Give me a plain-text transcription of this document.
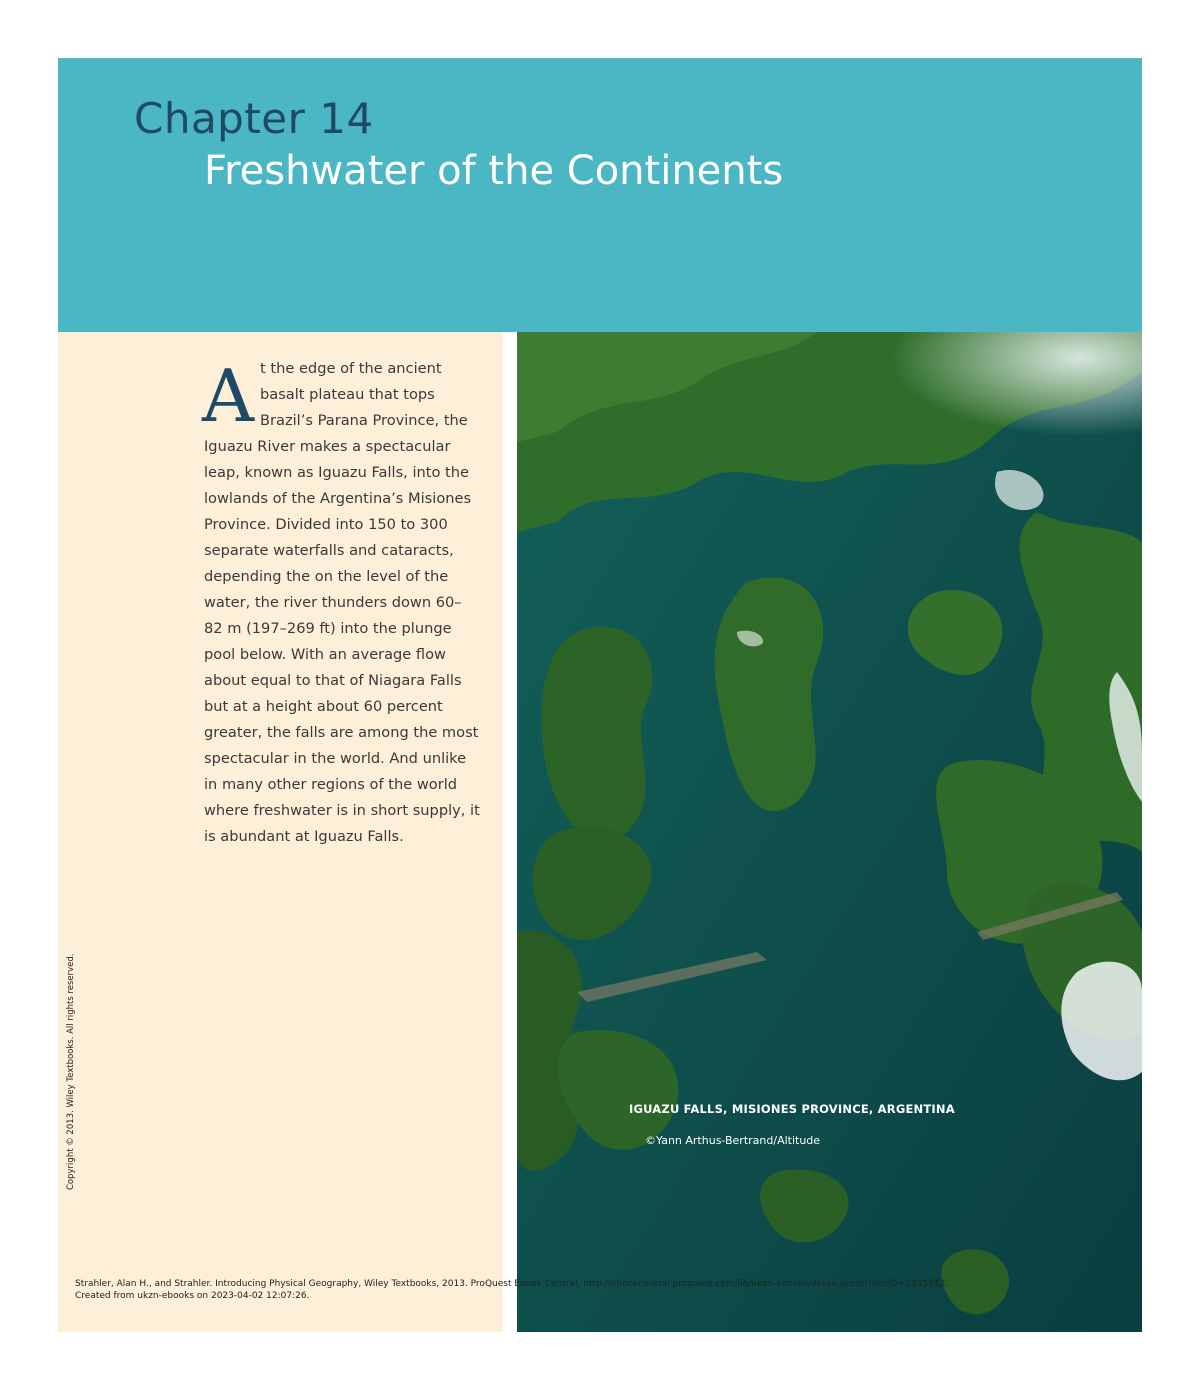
Chapter 14
Freshwater of the Continents
At the edge of the ancient basalt plateau that tops Brazil’s Parana Province, the Iguazu River makes a spectacular leap, known as Iguazu Falls, into the lowlands of the Argentina’s Misiones Province. Divided into 150 to 300 separate waterfalls and cataracts, depending the on the level of the water, the river thunders down 60–82 m (197–269 ft) into the plunge pool below. With an average flow about equal to that of Niagara Falls but at a height about 60 percent greater, the falls are among the most spectacular in the world. And unlike in many other regions of the world where freshwater is in short supply, it is abundant at Iguazu Falls.
Copyright © 2013. Wiley Textbooks. All rights reserved.	IGUAZU FALLS, MISIONES PROVINCE, ARGENTINA
©Yann Arthus-Bertrand/Altitude
Strahler, Alan H., and Strahler. Introducing Physical Geography, Wiley Textbooks, 2013. ProQuest Ebook Central, http://ebookcentral.proquest.com/lib/ukzn-ebooks/detail.action?docID=1935742.
Created from ukzn-ebooks on 2023-04-02 12:07:26.
